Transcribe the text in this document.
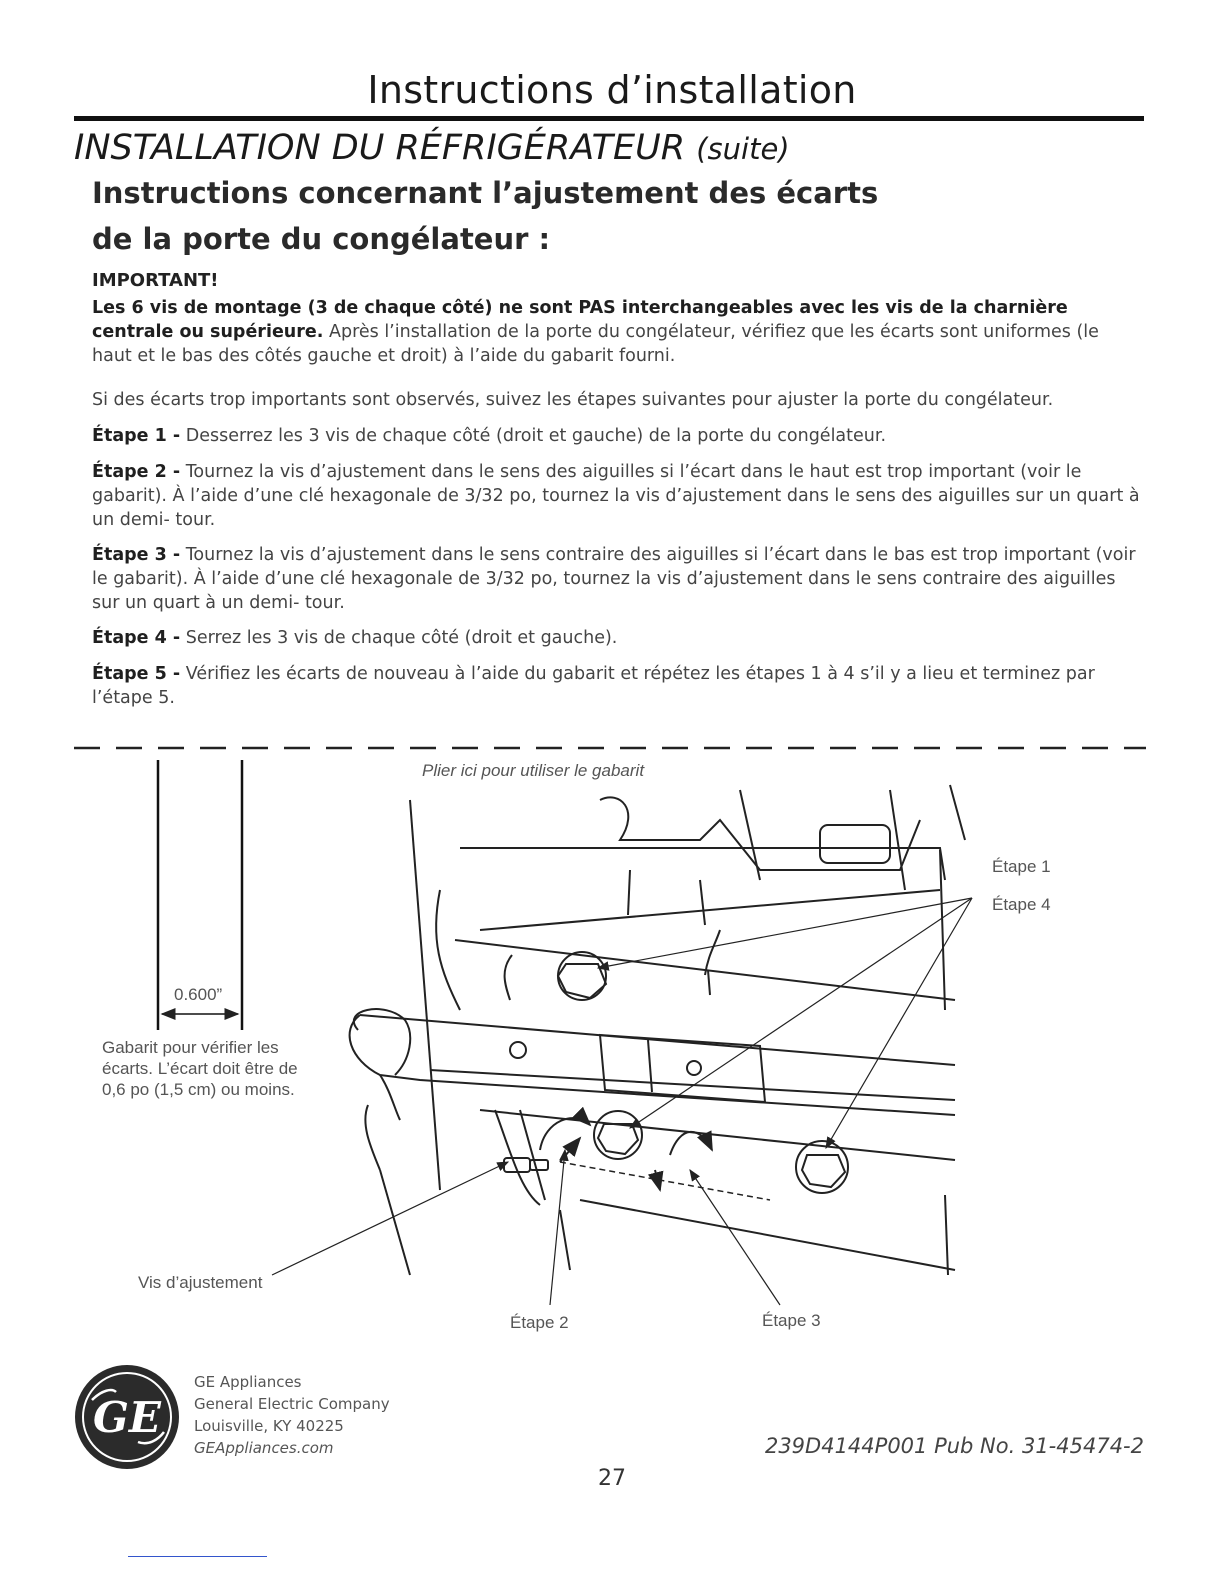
Instructions d’installation
INSTALLATION DU RÉFRIGÉRATEUR (suite)
Instructions concernant l’ajustement des écarts
de la porte du congélateur :
IMPORTANT!
Les 6 vis de montage (3 de chaque côté) ne sont PAS interchangeables avec les vis de la charnière centrale ou supérieure. Après l’installation de la porte du congélateur, vérifiez que les écarts sont uniformes (le haut et le bas des côtés gauche et droit) à l’aide du gabarit fourni.
Si des écarts trop importants sont observés, suivez les étapes suivantes pour ajuster la porte du congélateur.
Étape 1 - Desserrez les 3 vis de chaque côté (droit et gauche) de la porte du congélateur.
Étape 2 - Tournez la vis d’ajustement dans le sens des aiguilles si l’écart dans le haut est trop important (voir le gabarit). À l’aide d’une clé hexagonale de 3/32 po, tournez la vis d’ajustement dans le sens des aiguilles sur un quart à un demi- tour.
Étape 3 - Tournez la vis d’ajustement dans le sens contraire des aiguilles si l’écart dans le bas est trop important (voir le gabarit). À l’aide d’une clé hexagonale de 3/32 po, tournez la vis d’ajustement dans le sens contraire des aiguilles sur un quart à un demi- tour.
Étape 4 - Serrez les 3 vis de chaque côté (droit et gauche).
Étape 5 - Vérifiez les écarts de nouveau à l’aide du gabarit et répétez les étapes 1 à 4 s’il y a lieu et terminez par l’étape 5.
Plier ici pour utiliser le gabarit
0.600”
Gabarit pour vérifier les écarts. L’écart doit être de 0,6 po (1,5 cm) ou moins.
Étape 1
Étape 4
Vis d’ajustement
Étape 2	Étape 3
GE
GE Appliances
General Electric Company
Louisville, KY 40225
GEAppliances.com	239D4144P001 Pub No. 31-45474-2
27
